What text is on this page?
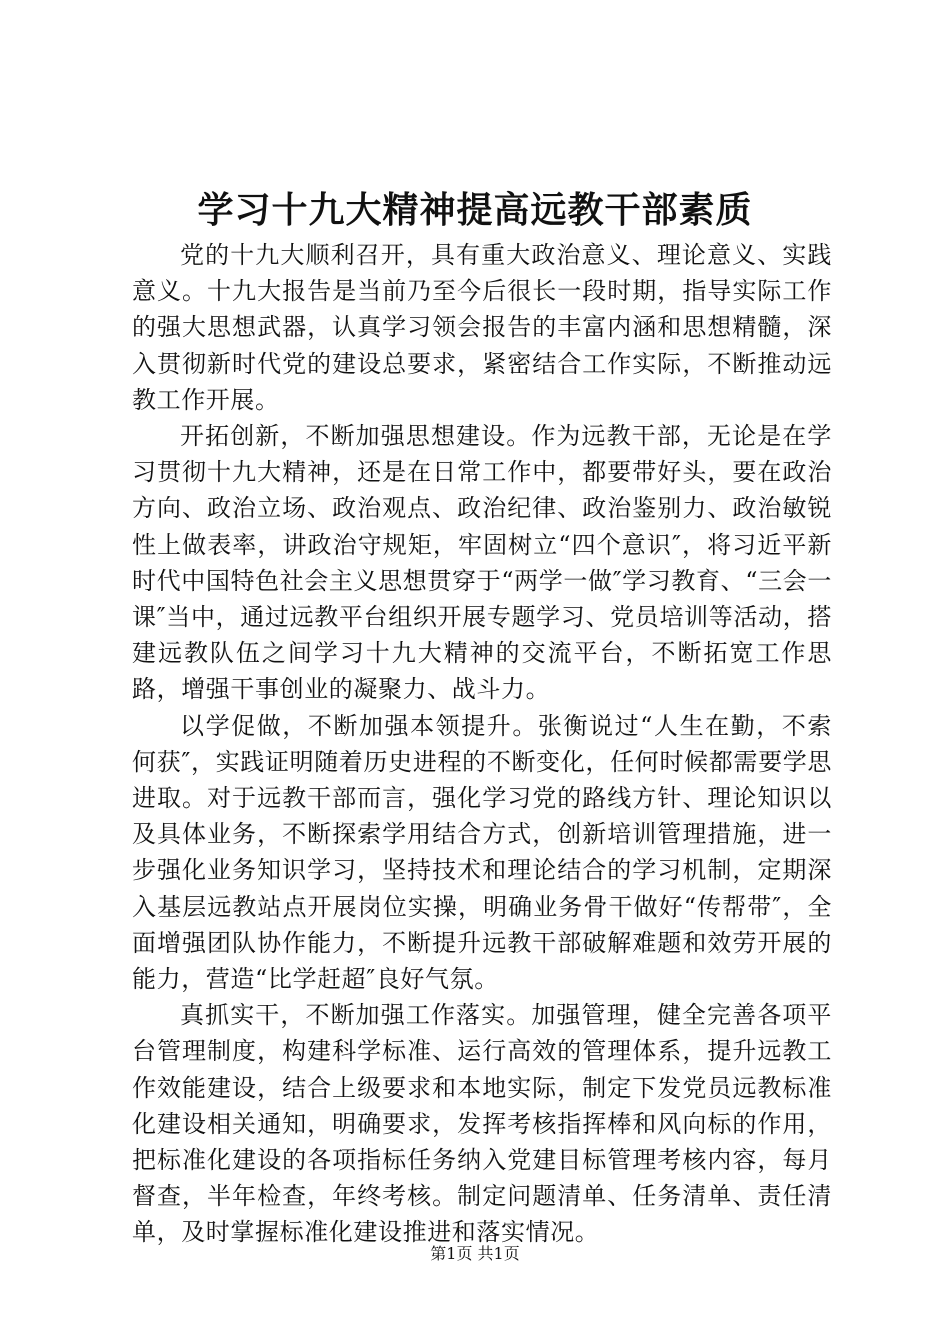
学习十九大精神提高远教干部素质

党的十九大顺利召开，具有重大政治意义、理论意义、实践意义。十九大报告是当前乃至今后很长一段时期，指导实际工作的强大思想武器，认真学习领会报告的丰富内涵和思想精髓，深入贯彻新时代党的建设总要求，紧密结合工作实际，不断推动远教工作开展。

开拓创新，不断加强思想建设。作为远教干部，无论是在学习贯彻十九大精神，还是在日常工作中，都要带好头，要在政治方向、政治立场、政治观点、政治纪律、政治鉴别力、政治敏锐性上做表率，讲政治守规矩，牢固树立“四个意识″，将习近平新时代中国特色社会主义思想贯穿于“两学一做″学习教育、“三会一课″当中，通过远教平台组织开展专题学习、党员培训等活动，搭建远教队伍之间学习十九大精神的交流平台，不断拓宽工作思路，增强干事创业的凝聚力、战斗力。

以学促做，不断加强本领提升。张衡说过“人生在勤，不索何获″，实践证明随着历史进程的不断变化，任何时候都需要学思进取。对于远教干部而言，强化学习党的路线方针、理论知识以及具体业务，不断探索学用结合方式，创新培训管理措施，进一步强化业务知识学习，坚持技术和理论结合的学习机制，定期深入基层远教站点开展岗位实操，明确业务骨干做好“传帮带″，全面增强团队协作能力，不断提升远教干部破解难题和效劳开展的能力，营造“比学赶超″良好气氛。

真抓实干，不断加强工作落实。加强管理，健全完善各项平台管理制度，构建科学标准、运行高效的管理体系，提升远教工作效能建设，结合上级要求和本地实际，制定下发党员远教标准化建设相关通知，明确要求，发挥考核指挥棒和风向标的作用，把标准化建设的各项指标任务纳入党建目标管理考核内容，每月督查，半年检查，年终考核。制定问题清单、任务清单、责任清单，及时掌握标准化建设推进和落实情况。

第1页 共1页
